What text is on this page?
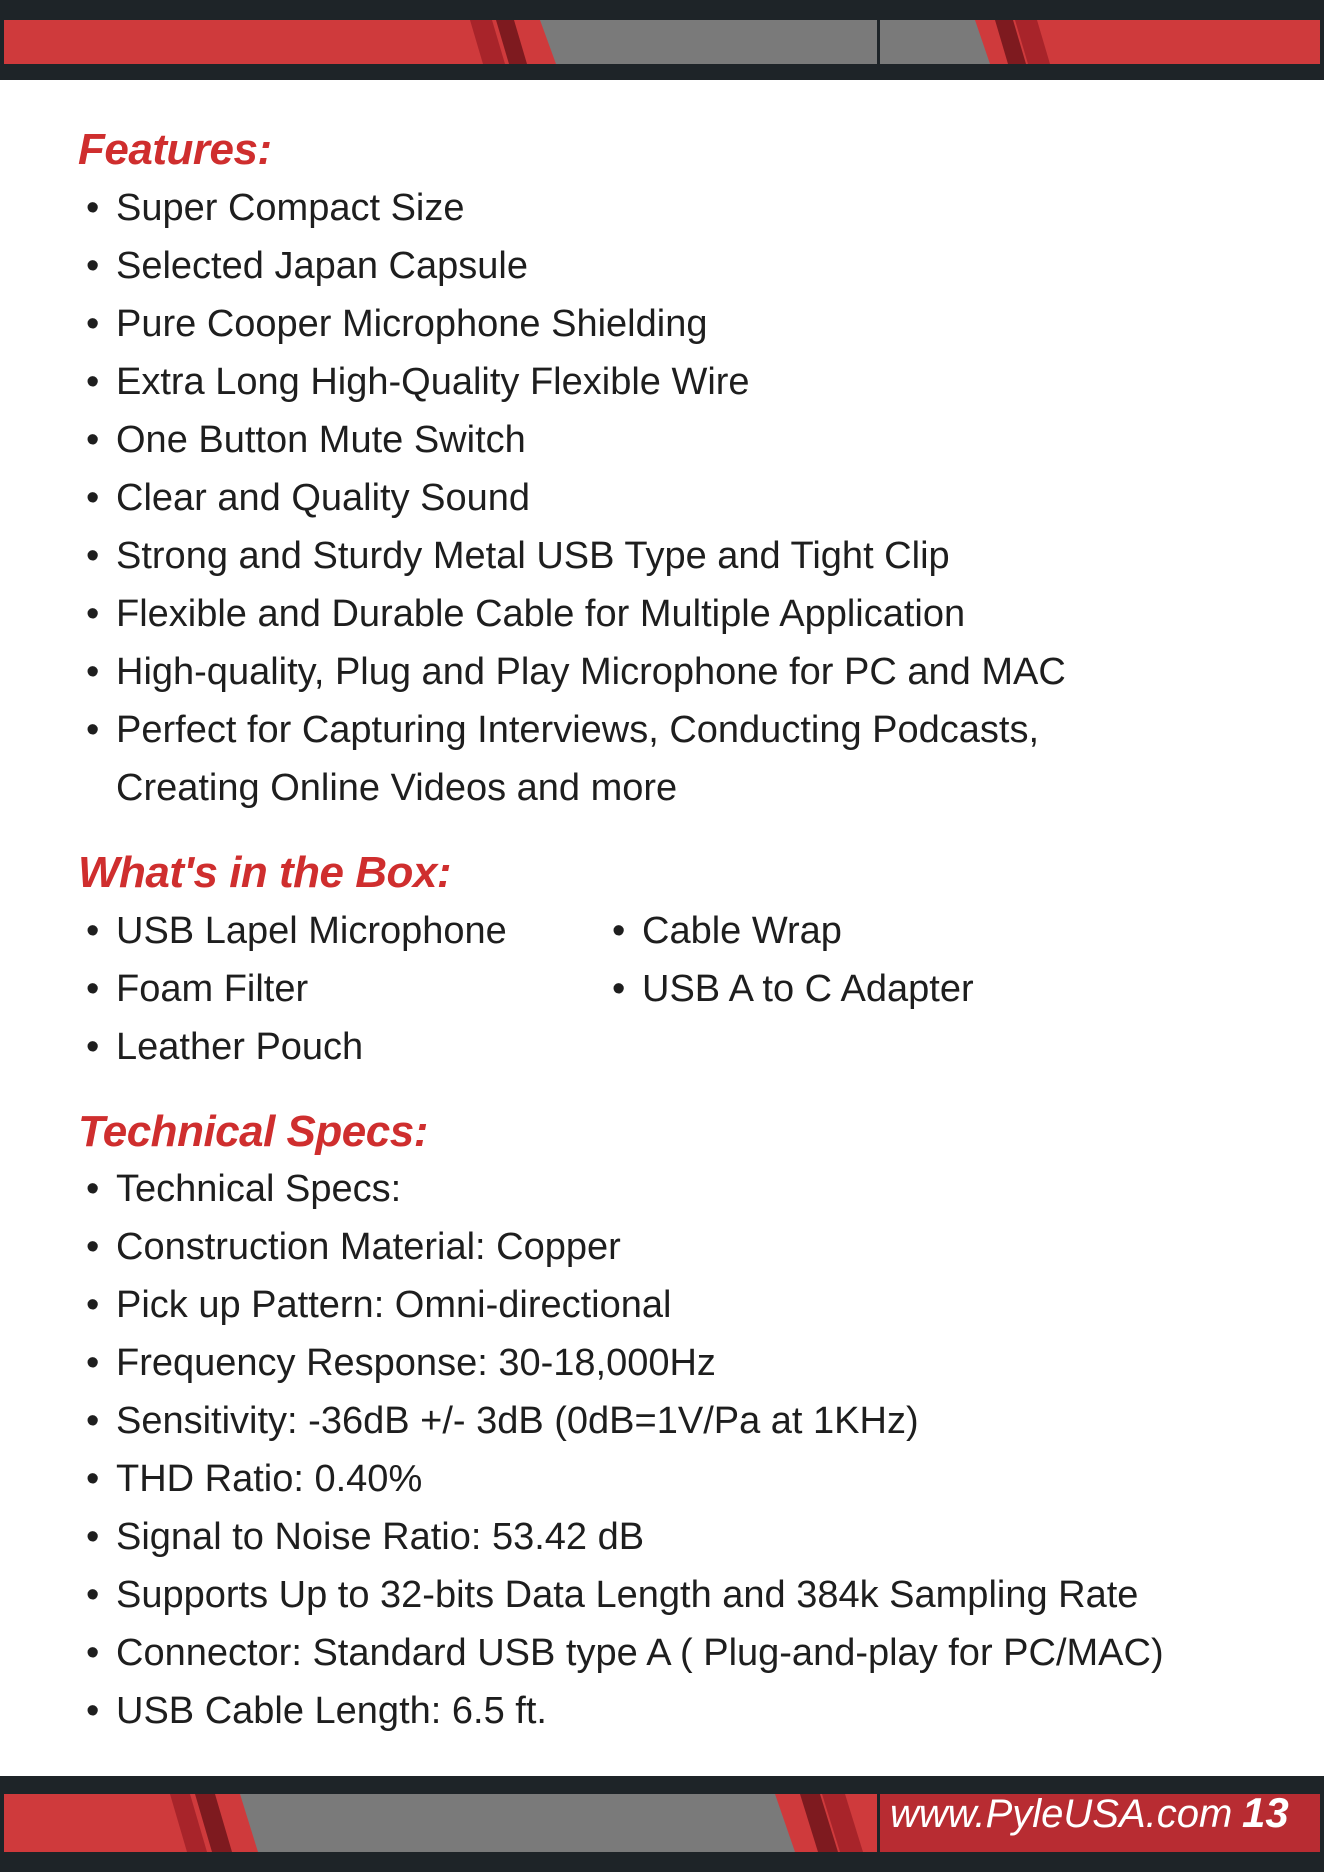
Features:
• Super Compact Size
• Selected Japan Capsule
• Pure Cooper Microphone Shielding
• Extra Long High-Quality Flexible Wire
• One Button Mute Switch
• Clear and Quality Sound
• Strong and Sturdy Metal USB Type and Tight Clip
• Flexible and Durable Cable for Multiple Application
• High-quality, Plug and Play Microphone for PC and MAC
• Perfect for Capturing Interviews, Conducting Podcasts,
Creating Online Videos and more
What's in the Box:
• USB Lapel Microphone
• Foam Filter
• Leather Pouch
• Cable Wrap
• USB A to C Adapter
Technical Specs:
• Technical Specs:
• Construction Material: Copper
• Pick up Pattern: Omni-directional
• Frequency Response: 30-18,000Hz
• Sensitivity: -36dB +/- 3dB (0dB=1V/Pa at 1KHz)
• THD Ratio: 0.40%
• Signal to Noise Ratio: 53.42 dB
• Supports Up to 32-bits Data Length and 384k Sampling Rate
• Connector: Standard USB type A ( Plug-and-play for PC/MAC)
• USB Cable Length: 6.5 ft.
www.PyleUSA.com 13
